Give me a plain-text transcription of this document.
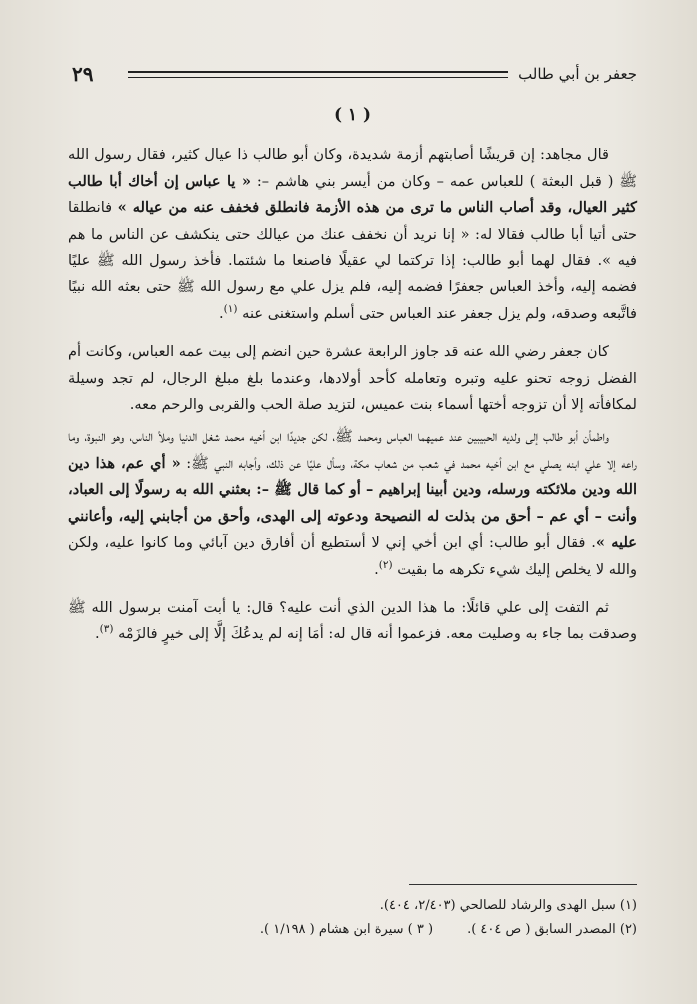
٢٩	جعفر بن أبي طالب
( ١ )

قال مجاهد: إن قريشًا أصابتهم أزمة شديدة، وكان أبو طالب ذا عيال كثير، فقال رسول الله ﷺ ( قبل البعثة ) للعباس عمه – وكان من أيسر بني هاشم –: « يا عباس إن أخاك أبا طالب كثير العيال، وقد أصاب الناس ما ترى من هذه الأزمة فانطلق فخفف عنه من عياله » فانطلقا حتى أتيا أبا طالب فقالا له: « إنا نريد أن نخفف عنك من عيالك حتى ينكشف عن الناس ما هم فيه ». فقال لهما أبو طالب: إذا تركتما لي عقيلًا فاصنعا ما شئتما. فأخذ رسول الله ﷺ عليًا فضمه إليه، وأخذ العباس جعفرًا فضمه إليه، فلم يزل علي مع رسول الله ﷺ حتى بعثه الله نبيًا فاتَّبعه وصدقه، ولم يزل جعفر عند العباس حتى أسلم واستغنى عنه $^{(١)}$.

كان جعفر رضي الله عنه قد جاوز الرابعة عشرة حين انضم إلى بيت عمه العباس، وكانت أم الفضل زوجه تحنو عليه وتبره وتعامله كأحد أولادها، وعندما بلغ مبلغ الرجال، لم تجد وسيلة لمكافأته إلا أن تزوجه أختها أسماء بنت عميس، لتزيد صلة الحب والقربى والرحم معه.

واطمأن أبو طالب إلى ولديه الحبيبين عند عميهما العباس ومحمد ﷺ، لكن جديدًا ابن أخيه محمد شغل الدنيا وملأ الناس، وهو النبوة، وما راعه إلا علي ابنه يصلي مع ابن أخيه محمد في شعب من شعاب مكة، وسأل عليًا عن ذلك، وأجابه النبي ﷺ: « أي عم، هذا دين الله ودين ملائكته ورسله، ودين أبينا إبراهيم – أو كما قال ﷺ –: بعثني الله به رسولًا إلى العباد، وأنت – أي عم – أحق من بذلت له النصيحة ودعوته إلى الهدى، وأحق من أجابني إليه، وأعانني عليه ». فقال أبو طالب: أي ابن أخي إني لا أستطيع أن أفارق دين آبائي وما كانوا عليه، ولكن والله لا يخلص إليك شيء تكرهه ما بقيت $^{(٢)}$.

ثم التفت إلى علي قائلًا: ما هذا الدين الذي أنت عليه؟ قال: يا أبت آمنت برسول الله ﷺ وصدقت بما جاء به وصليت معه. فزعموا أنه قال له: أمَا إنه لم يدعُكَ إلَّا إلى خيرٍ فالزَمْه $^{(٣)}$.

(١) سبل الهدى والرشاد للصالحي (٢/٤٠٣، ٤٠٤).
(٢) المصدر السابق ( ص ٤٠٤ ).
( ٣ ) سيرة ابن هشام ( ١/١٩٨ ).
